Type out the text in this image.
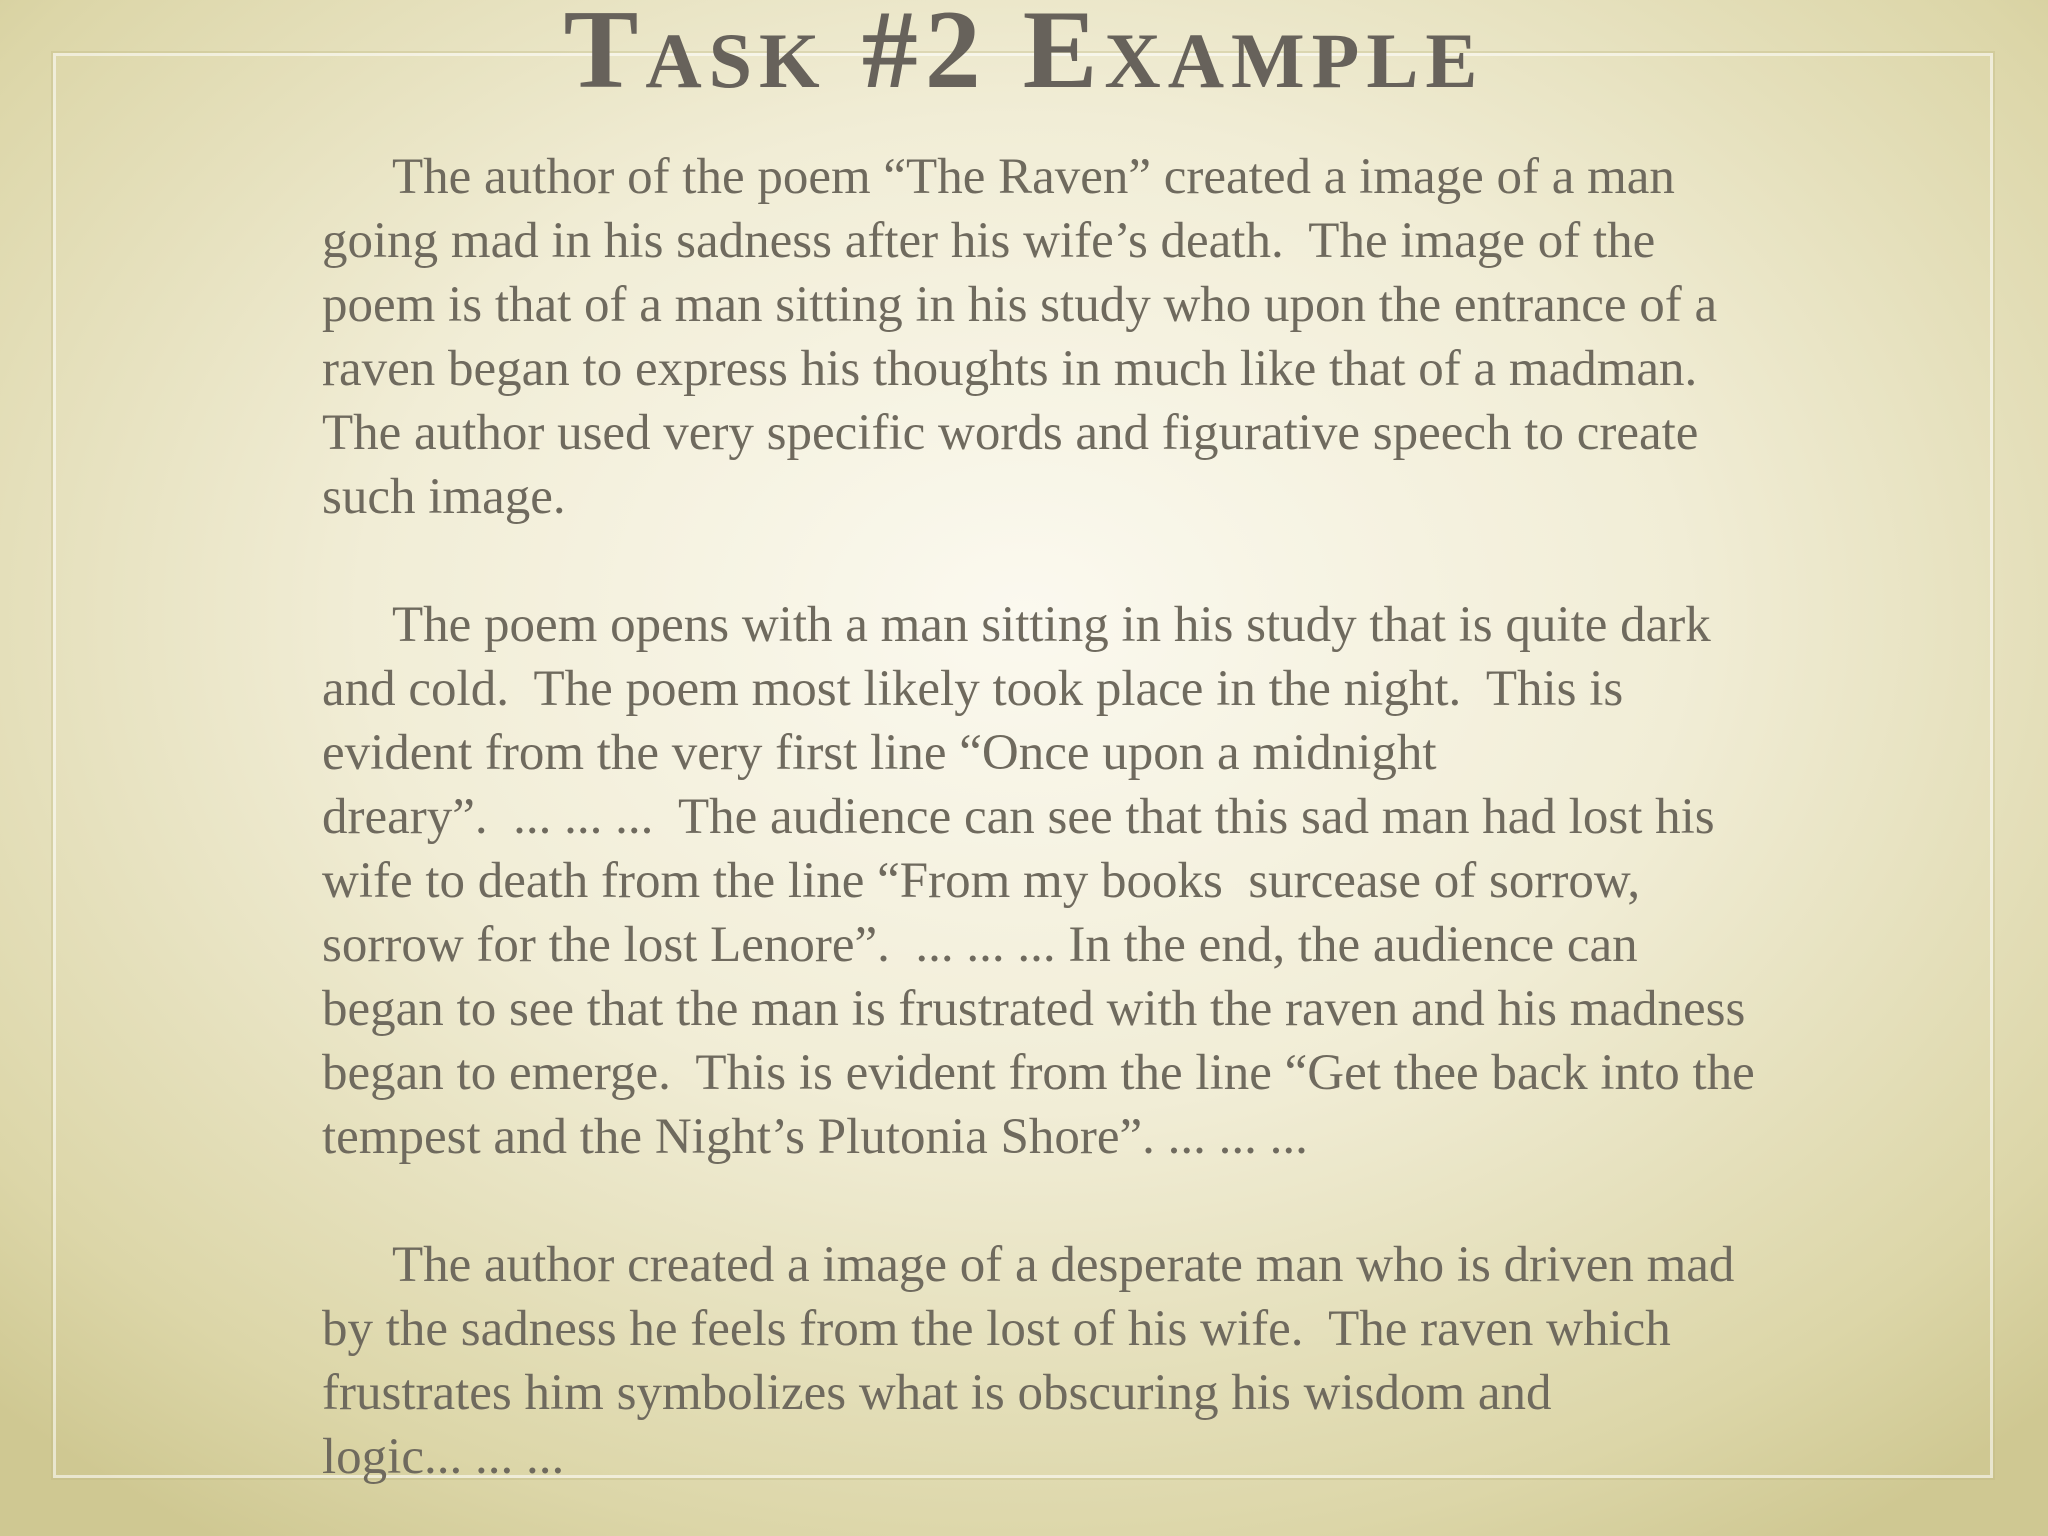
Task #2 Example

The author of the poem “The Raven” created a image of a man
going mad in his sadness after his wife’s death.  The image of the
poem is that of a man sitting in his study who upon the entrance of a
raven began to express his thoughts in much like that of a madman.
The author used very specific words and figurative speech to create
such image.

The poem opens with a man sitting in his study that is quite dark
and cold.  The poem most likely took place in the night.  This is
evident from the very first line “Once upon a midnight
dreary”.  ... ... ...  The audience can see that this sad man had lost his
wife to death from the line “From my books  surcease of sorrow,
sorrow for the lost Lenore”.  ... ... ... In the end, the audience can
began to see that the man is frustrated with the raven and his madness
began to emerge.  This is evident from the line “Get thee back into the
tempest and the Night’s Plutonia Shore”. ... ... ...

The author created a image of a desperate man who is driven mad
by the sadness he feels from the lost of his wife.  The raven which
frustrates him symbolizes what is obscuring his wisdom and
logic... ... ...
